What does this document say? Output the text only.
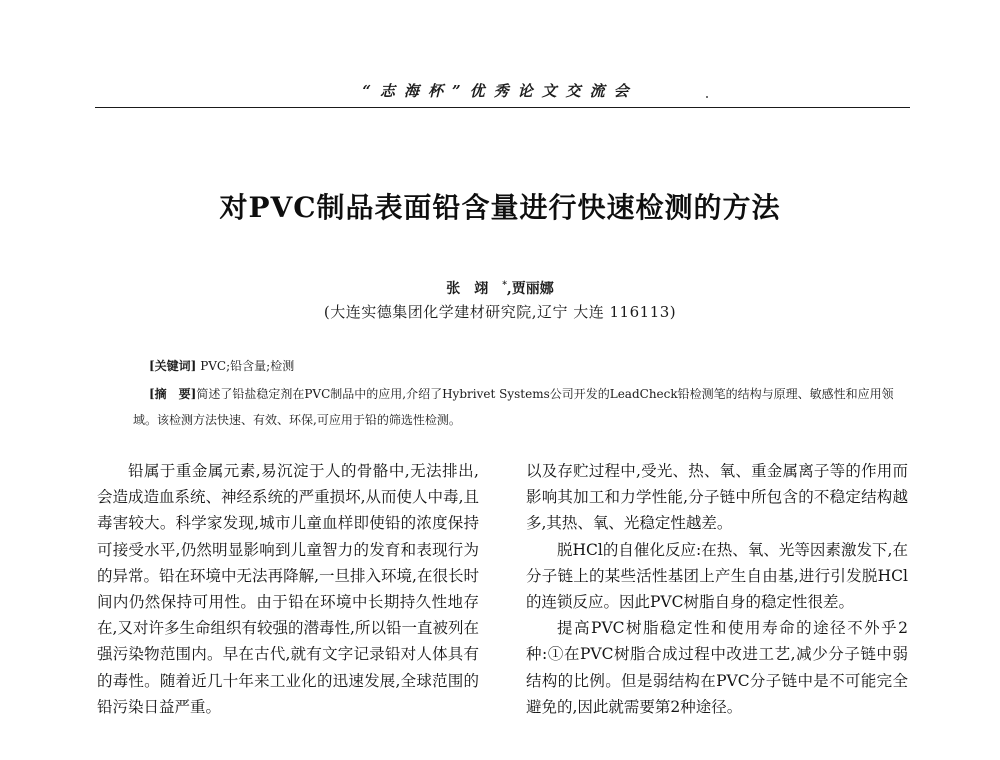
“志海杯”优秀论文交流会
对PVC制品表面铅含量进行快速检测的方法
张翊*,贾丽娜
(大连实德集团化学建材研究院,辽宁 大连 116113)
[关键词] PVC;铅含量;检测
[摘　要]简述了铅盐稳定剂在PVC制品中的应用,介绍了Hybrivet Systems公司开发的LeadCheck铅检测笔的结构与原理、敏感性和应用领域。该检测方法快速、有效、环保,可应用于铅的筛选性检测。

铅属于重金属元素,易沉淀于人的骨骼中,无法排出,会造成造血系统、神经系统的严重损坏,从而使人中毒,且毒害较大。科学家发现,城市儿童血样即使铅的浓度保持可接受水平,仍然明显影响到儿童智力的发育和表现行为的异常。铅在环境中无法再降解,一旦排入环境,在很长时间内仍然保持可用性。由于铅在环境中长期持久性地存在,又对许多生命组织有较强的潜毒性,所以铅一直被列在强污染物范围内。早在古代,就有文字记录铅对人体具有的毒性。随着近几十年来工业化的迅速发展,全球范围的铅污染日益严重。

以及存贮过程中,受光、热、氧、重金属离子等的作用而影响其加工和力学性能,分子链中所包含的不稳定结构越多,其热、氧、光稳定性越差。

脱HCl的自催化反应:在热、氧、光等因素激发下,在分子链上的某些活性基团上产生自由基,进行引发脱HCl的连锁反应。因此PVC树脂自身的稳定性很差。

提高PVC树脂稳定性和使用寿命的途径不外乎2种:①在PVC树脂合成过程中改进工艺,减少分子链中弱结构的比例。但是弱结构在PVC分子链中是不可能完全避免的,因此就需要第2种途径。
